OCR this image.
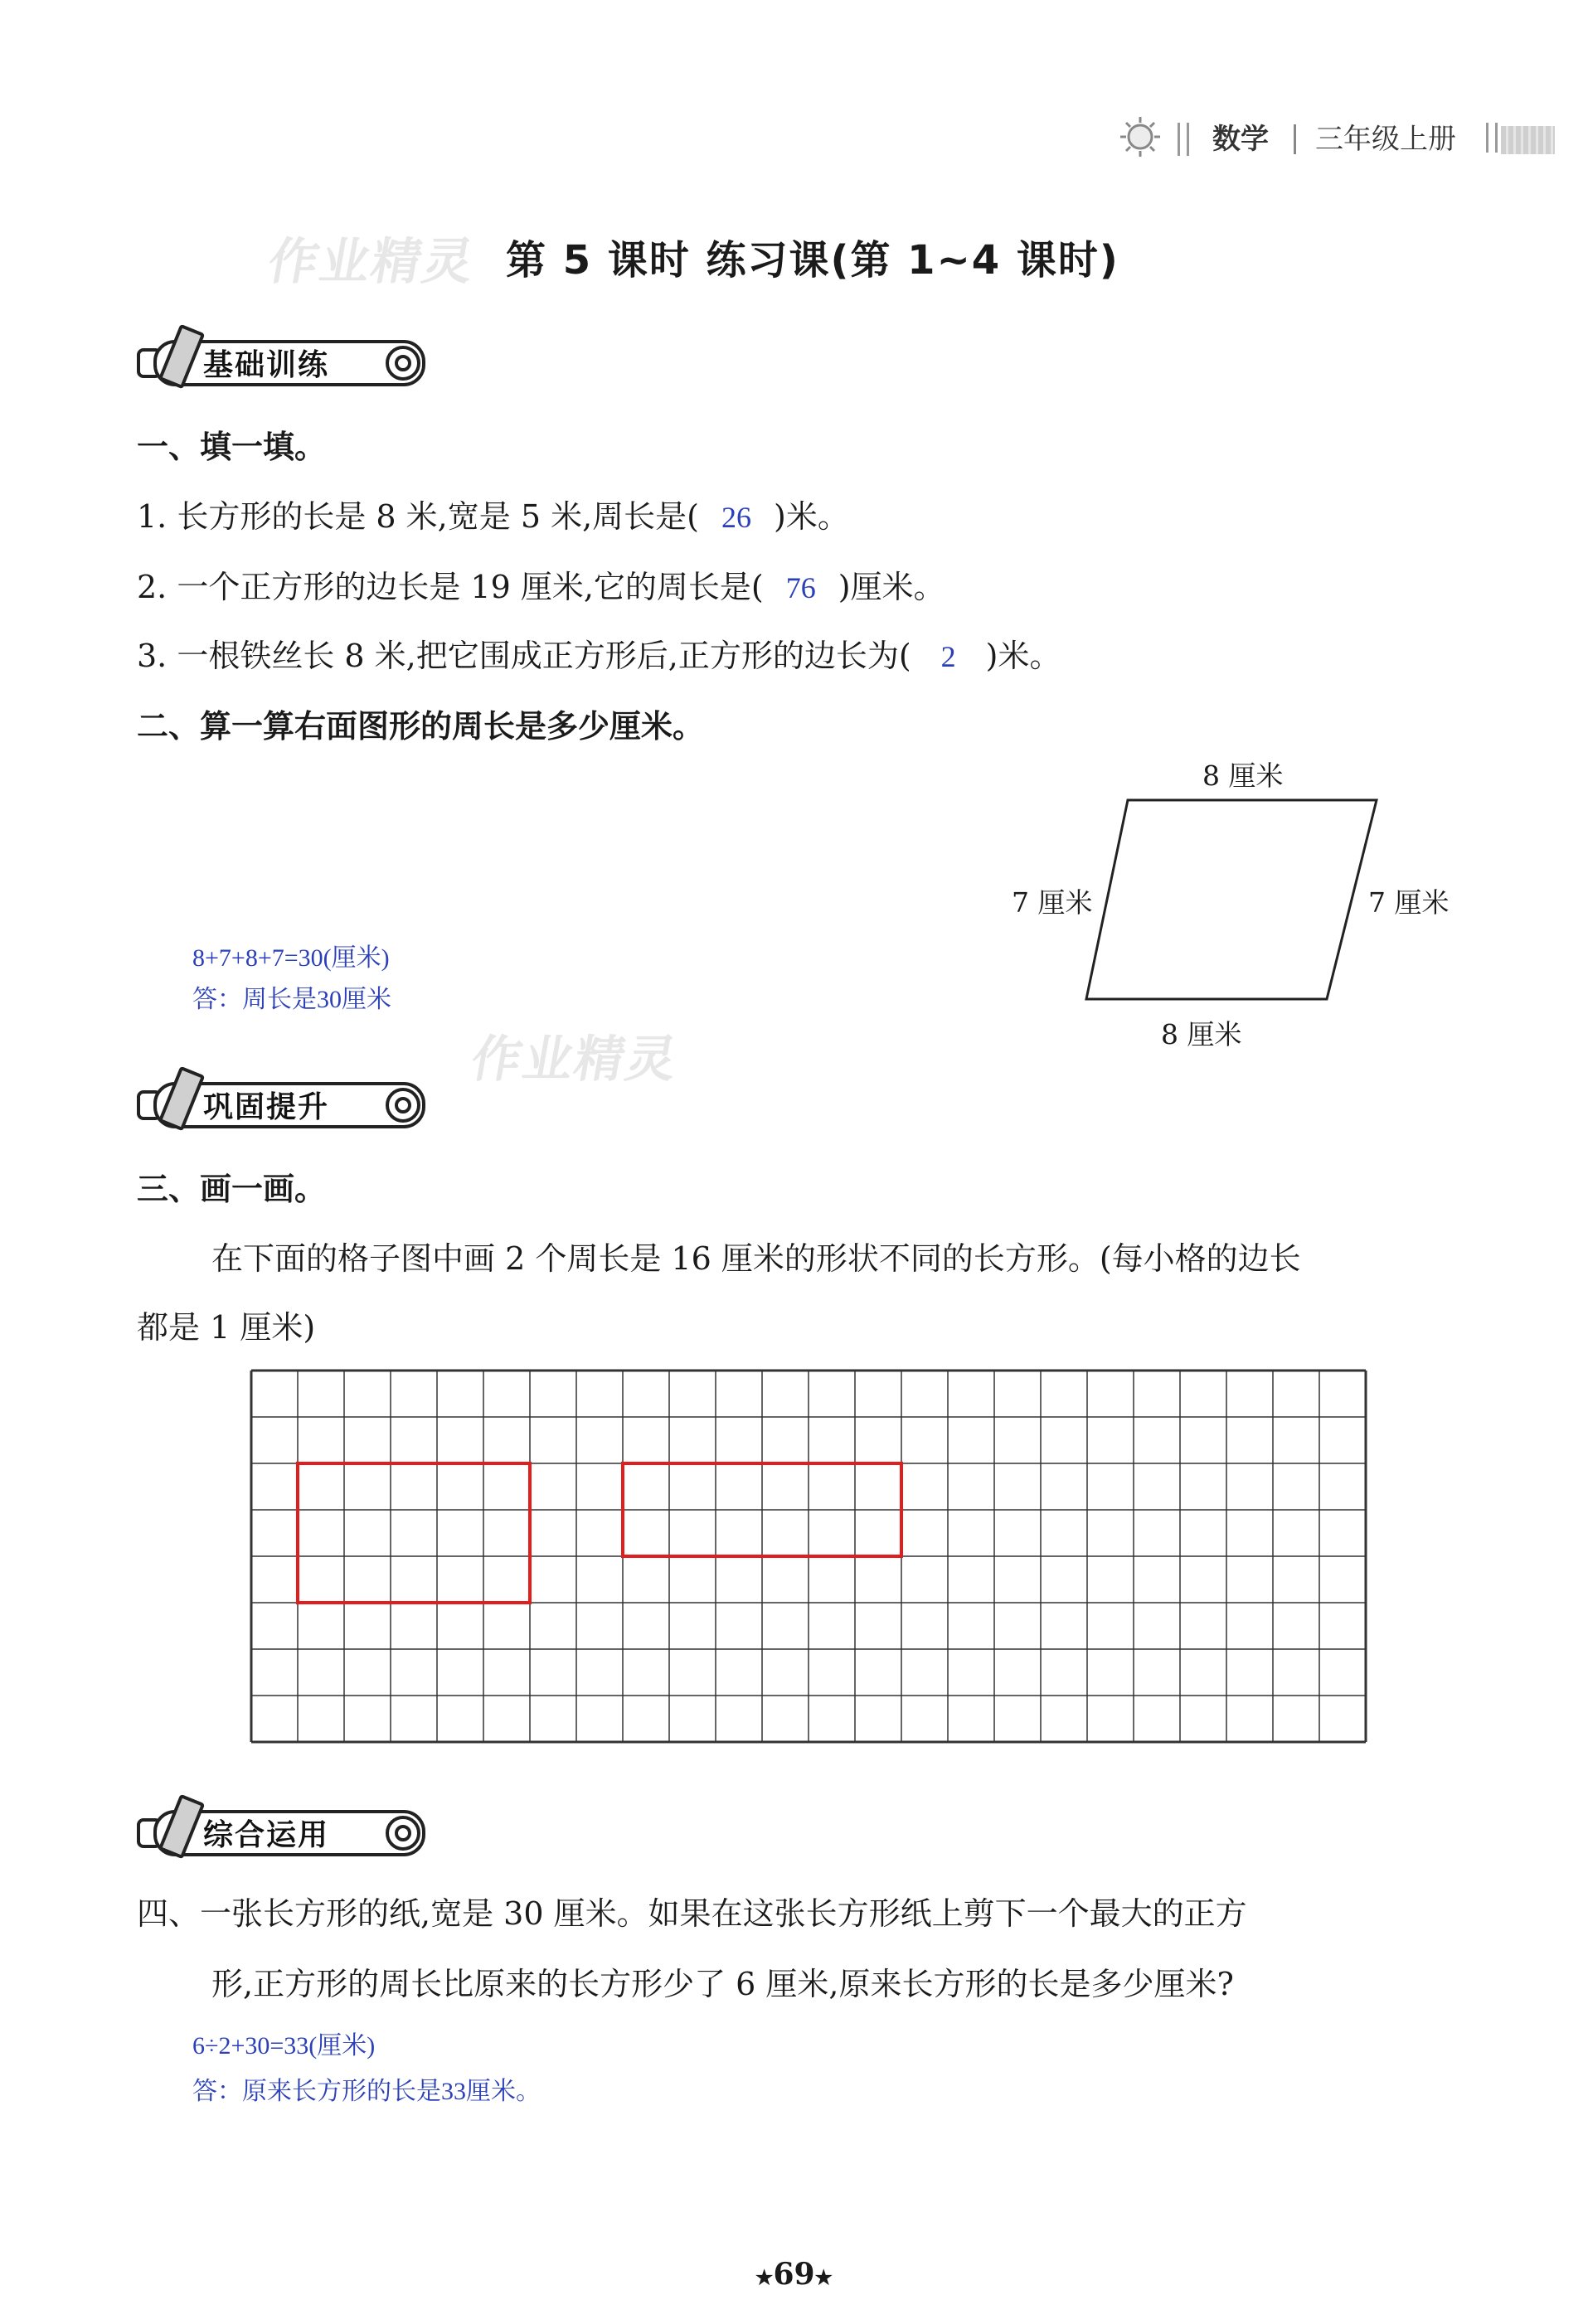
数学 三年级上册
作业精灵 第 5 课时 练习课(第 1~4 课时)
基础训练
一、填一填。
1. 长方形的长是 8 米,宽是 5 米,周长是( 26 )米。
2. 一个正方形的边长是 19 厘米,它的周长是( 76 )厘米。
3. 一根铁丝长 8 米,把它围成正方形后,正方形的边长为( 2 )米。
二、算一算右面图形的周长是多少厘米。
8 厘米
7 厘米	7 厘米
8 厘米
8+7+8+7=30(厘米)
答：周长是30厘米
作业精灵
巩固提升
三、画一画。
在下面的格子图中画 2 个周长是 16 厘米的形状不同的长方形。(每小格的边长
都是 1 厘米)
综合运用
四、一张长方形的纸,宽是 30 厘米。如果在这张长方形纸上剪下一个最大的正方
形,正方形的周长比原来的长方形少了 6 厘米,原来长方形的长是多少厘米?
6÷2+30=33(厘米)
答：原来长方形的长是33厘米。
★69★
